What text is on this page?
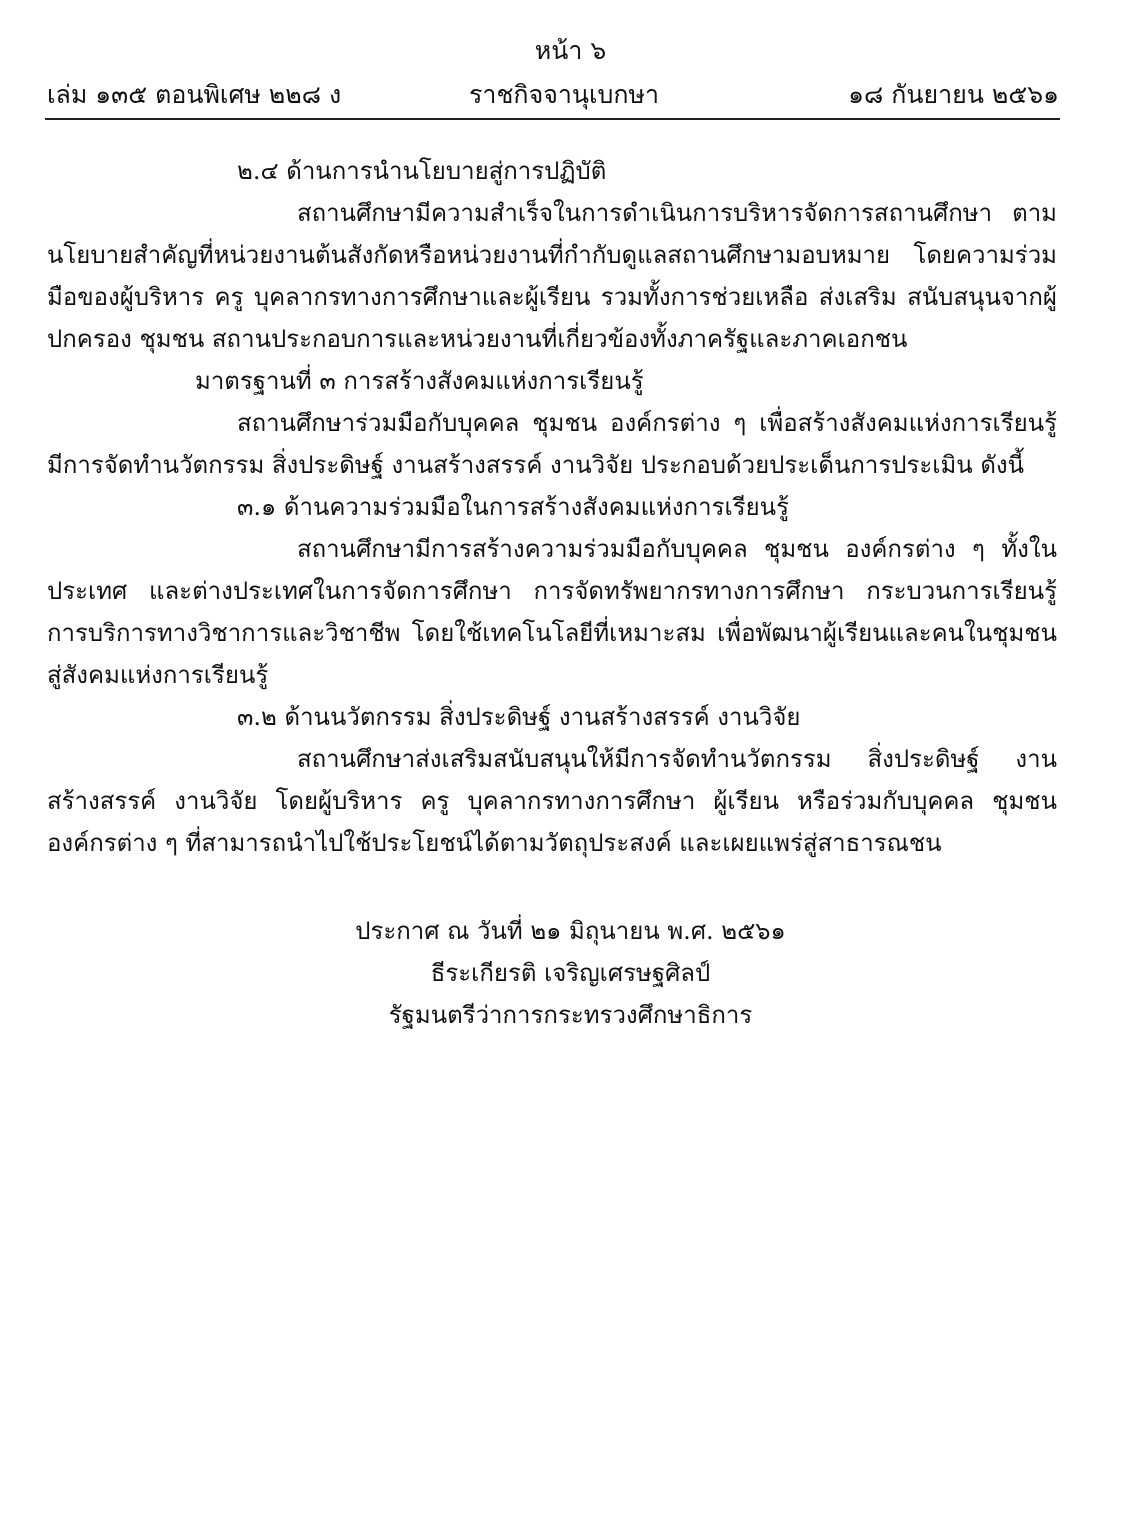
หน้า ๖
เล่ม ๑๓๕ ตอนพิเศษ ๒๒๘ ง	ราชกิจจานุเบกษา	๑๘ กันยายน ๒๕๖๑

๒.๔ ด้านการนำนโยบายสู่การปฏิบัติ

สถานศึกษามีความสำเร็จในการดำเนินการบริหารจัดการสถานศึกษา ตามนโยบายสำคัญที่หน่วยงานต้นสังกัดหรือหน่วยงานที่กำกับดูแลสถานศึกษามอบหมาย โดยความร่วมมือของผู้บริหาร ครู บุคลากรทางการศึกษาและผู้เรียน รวมทั้งการช่วยเหลือ ส่งเสริม สนับสนุนจากผู้ปกครอง ชุมชน สถานประกอบการและหน่วยงานที่เกี่ยวข้องทั้งภาครัฐและภาคเอกชน

มาตรฐานที่ ๓ การสร้างสังคมแห่งการเรียนรู้

สถานศึกษาร่วมมือกับบุคคล ชุมชน องค์กรต่าง ๆ เพื่อสร้างสังคมแห่งการเรียนรู้ มีการจัดทำนวัตกรรม สิ่งประดิษฐ์ งานสร้างสรรค์ งานวิจัย ประกอบด้วยประเด็นการประเมิน ดังนี้

๓.๑ ด้านความร่วมมือในการสร้างสังคมแห่งการเรียนรู้

สถานศึกษามีการสร้างความร่วมมือกับบุคคล ชุมชน องค์กรต่าง ๆ ทั้งในประเทศ และต่างประเทศในการจัดการศึกษา การจัดทรัพยากรทางการศึกษา กระบวนการเรียนรู้ การบริการทางวิชาการและวิชาชีพ โดยใช้เทคโนโลยีที่เหมาะสม เพื่อพัฒนาผู้เรียนและคนในชุมชนสู่สังคมแห่งการเรียนรู้

๓.๒ ด้านนวัตกรรม สิ่งประดิษฐ์ งานสร้างสรรค์ งานวิจัย

สถานศึกษาส่งเสริมสนับสนุนให้มีการจัดทำนวัตกรรม สิ่งประดิษฐ์ งานสร้างสรรค์ งานวิจัย โดยผู้บริหาร ครู บุคลากรทางการศึกษา ผู้เรียน หรือร่วมกับบุคคล ชุมชน องค์กรต่าง ๆ ที่สามารถนำไปใช้ประโยชน์ได้ตามวัตถุประสงค์ และเผยแพร่สู่สาธารณชน

ประกาศ ณ วันที่ ๒๑ มิถุนายน พ.ศ. ๒๕๖๑

ธีระเกียรติ เจริญเศรษฐศิลป์

รัฐมนตรีว่าการกระทรวงศึกษาธิการ
